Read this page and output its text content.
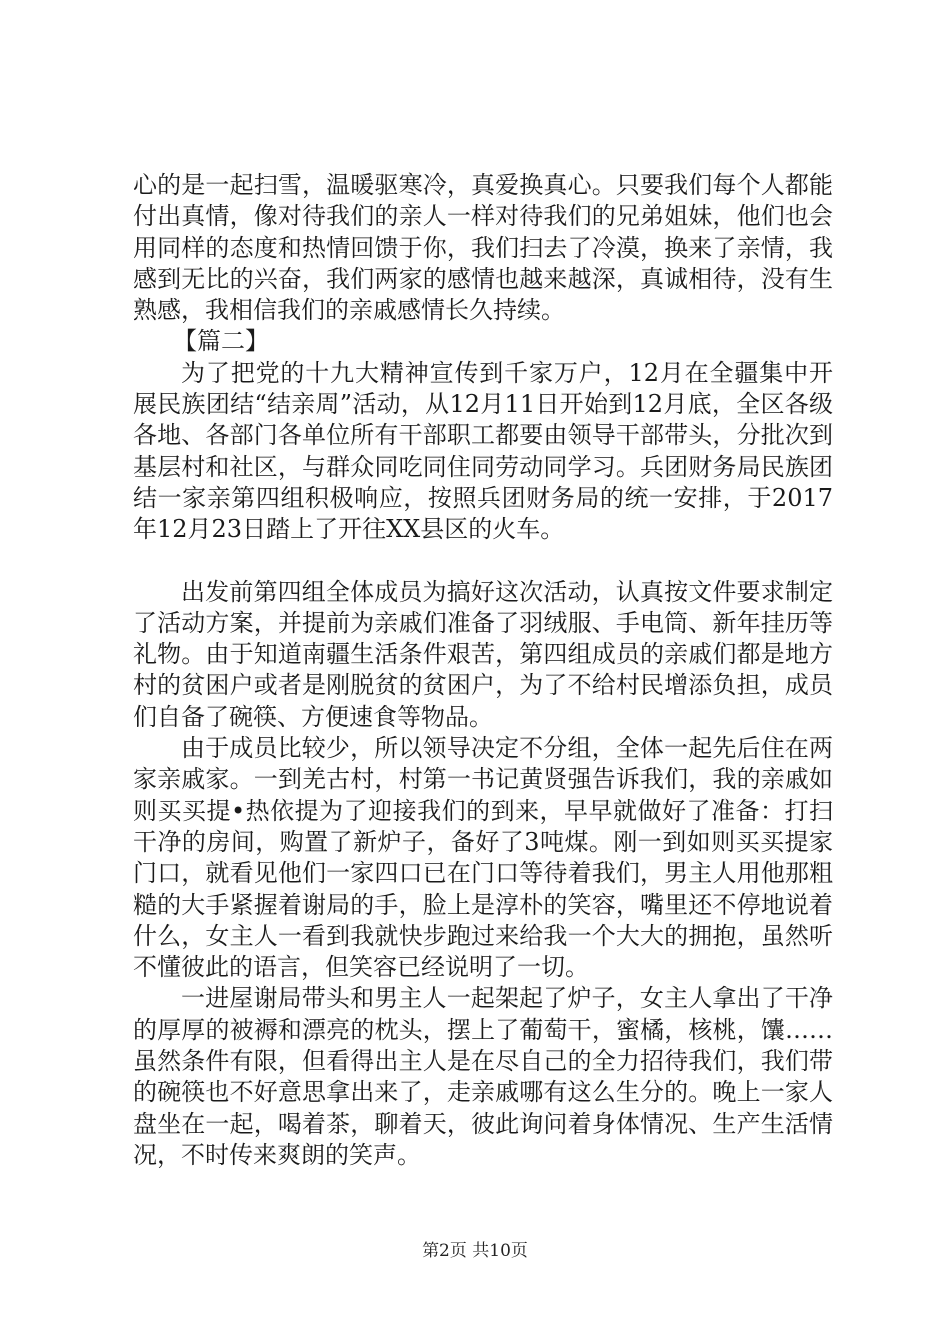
心的是一起扫雪，温暖驱寒冷，真爱换真心。只要我们每个人都能付出真情，像对待我们的亲人一样对待我们的兄弟姐妹，他们也会用同样的态度和热情回馈于你，我们扫去了冷漠，换来了亲情，我感到无比的兴奋，我们两家的感情也越来越深，真诚相待，没有生熟感，我相信我们的亲戚感情长久持续。

【篇二】

为了把党的十九大精神宣传到千家万户，12月在全疆集中开展民族团结“结亲周”活动，从12月11日开始到12月底，全区各级各地、各部门各单位所有干部职工都要由领导干部带头，分批次到基层村和社区，与群众同吃同住同劳动同学习。兵团财务局民族团结一家亲第四组积极响应，按照兵团财务局的统一安排，于2017年12月23日踏上了开往XX县区的火车。

出发前第四组全体成员为搞好这次活动，认真按文件要求制定了活动方案，并提前为亲戚们准备了羽绒服、手电筒、新年挂历等礼物。由于知道南疆生活条件艰苦，第四组成员的亲戚们都是地方村的贫困户或者是刚脱贫的贫困户，为了不给村民增添负担，成员们自备了碗筷、方便速食等物品。

由于成员比较少，所以领导决定不分组，全体一起先后住在两家亲戚家。一到羌古村，村第一书记黄贤强告诉我们，我的亲戚如则买买提•热依提为了迎接我们的到来，早早就做好了准备：打扫干净的房间，购置了新炉子，备好了3吨煤。刚一到如则买买提家门口，就看见他们一家四口已在门口等待着我们，男主人用他那粗糙的大手紧握着谢局的手，脸上是淳朴的笑容，嘴里还不停地说着什么，女主人一看到我就快步跑过来给我一个大大的拥抱，虽然听不懂彼此的语言，但笑容已经说明了一切。

一进屋谢局带头和男主人一起架起了炉子，女主人拿出了干净的厚厚的被褥和漂亮的枕头，摆上了葡萄干，蜜橘，核桃，馕……虽然条件有限，但看得出主人是在尽自己的全力招待我们，我们带的碗筷也不好意思拿出来了，走亲戚哪有这么生分的。晚上一家人盘坐在一起，喝着茶，聊着天，彼此询问着身体情况、生产生活情况，不时传来爽朗的笑声。

第2页 共10页
